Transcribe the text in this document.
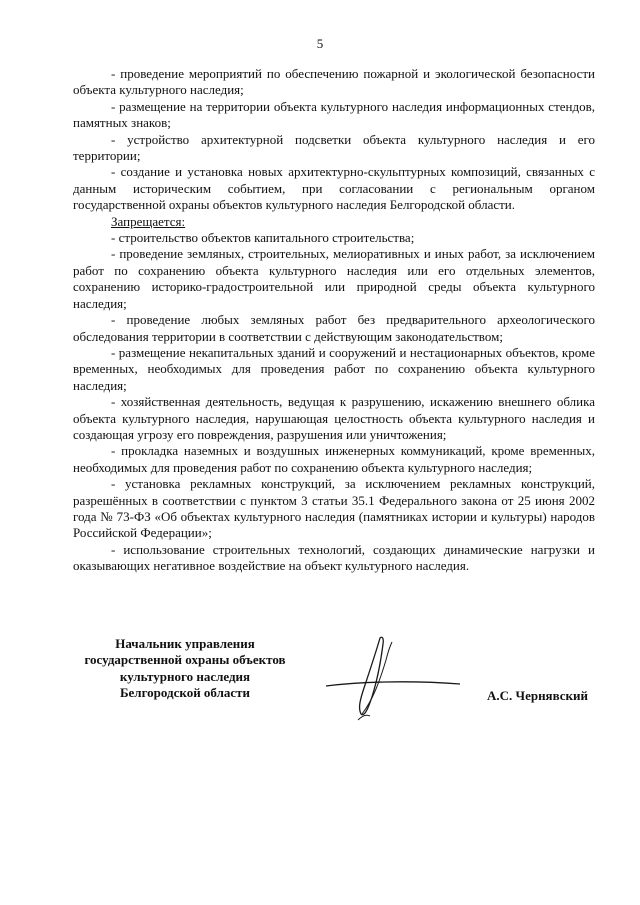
5

- проведение мероприятий по обеспечению пожарной и экологической безопасности объекта культурного наследия;

- размещение на территории объекта культурного наследия информационных стендов, памятных знаков;

- устройство архитектурной подсветки объекта культурного наследия и его территории;

- создание и установка новых архитектурно-скульптурных композиций, связанных с данным историческим событием, при согласовании с региональным органом государственной охраны объектов культурного наследия Белгородской области.

Запрещается:

- строительство объектов капитального строительства;

- проведение земляных, строительных, мелиоративных и иных работ, за исключением работ по сохранению объекта культурного наследия или его отдельных элементов, сохранению историко-градостроительной или природной среды объекта культурного наследия;

- проведение любых земляных работ без предварительного археологического обследования территории в соответствии с действующим законодательством;

- размещение некапитальных зданий и сооружений и нестационарных объектов, кроме временных, необходимых для проведения работ по сохранению объекта культурного наследия;

- хозяйственная деятельность, ведущая к разрушению, искажению внешнего облика объекта культурного наследия, нарушающая целостность объекта культурного наследия и создающая угрозу его повреждения, разрушения или уничтожения;

- прокладка наземных и воздушных инженерных коммуникаций, кроме временных, необходимых для проведения работ по сохранению объекта культурного наследия;

- установка рекламных конструкций, за исключением рекламных конструкций, разрешённых в соответствии с пунктом 3 статьи 35.1 Федерального закона от 25 июня 2002 года № 73-ФЗ «Об объектах культурного наследия (памятниках истории и культуры) народов Российской Федерации»;

- использование строительных технологий, создающих динамические нагрузки и оказывающих негативное воздействие на объект культурного наследия.

Начальник управления
государственной охраны объектов
культурного наследия
Белгородской области	А.С. Чернявский
